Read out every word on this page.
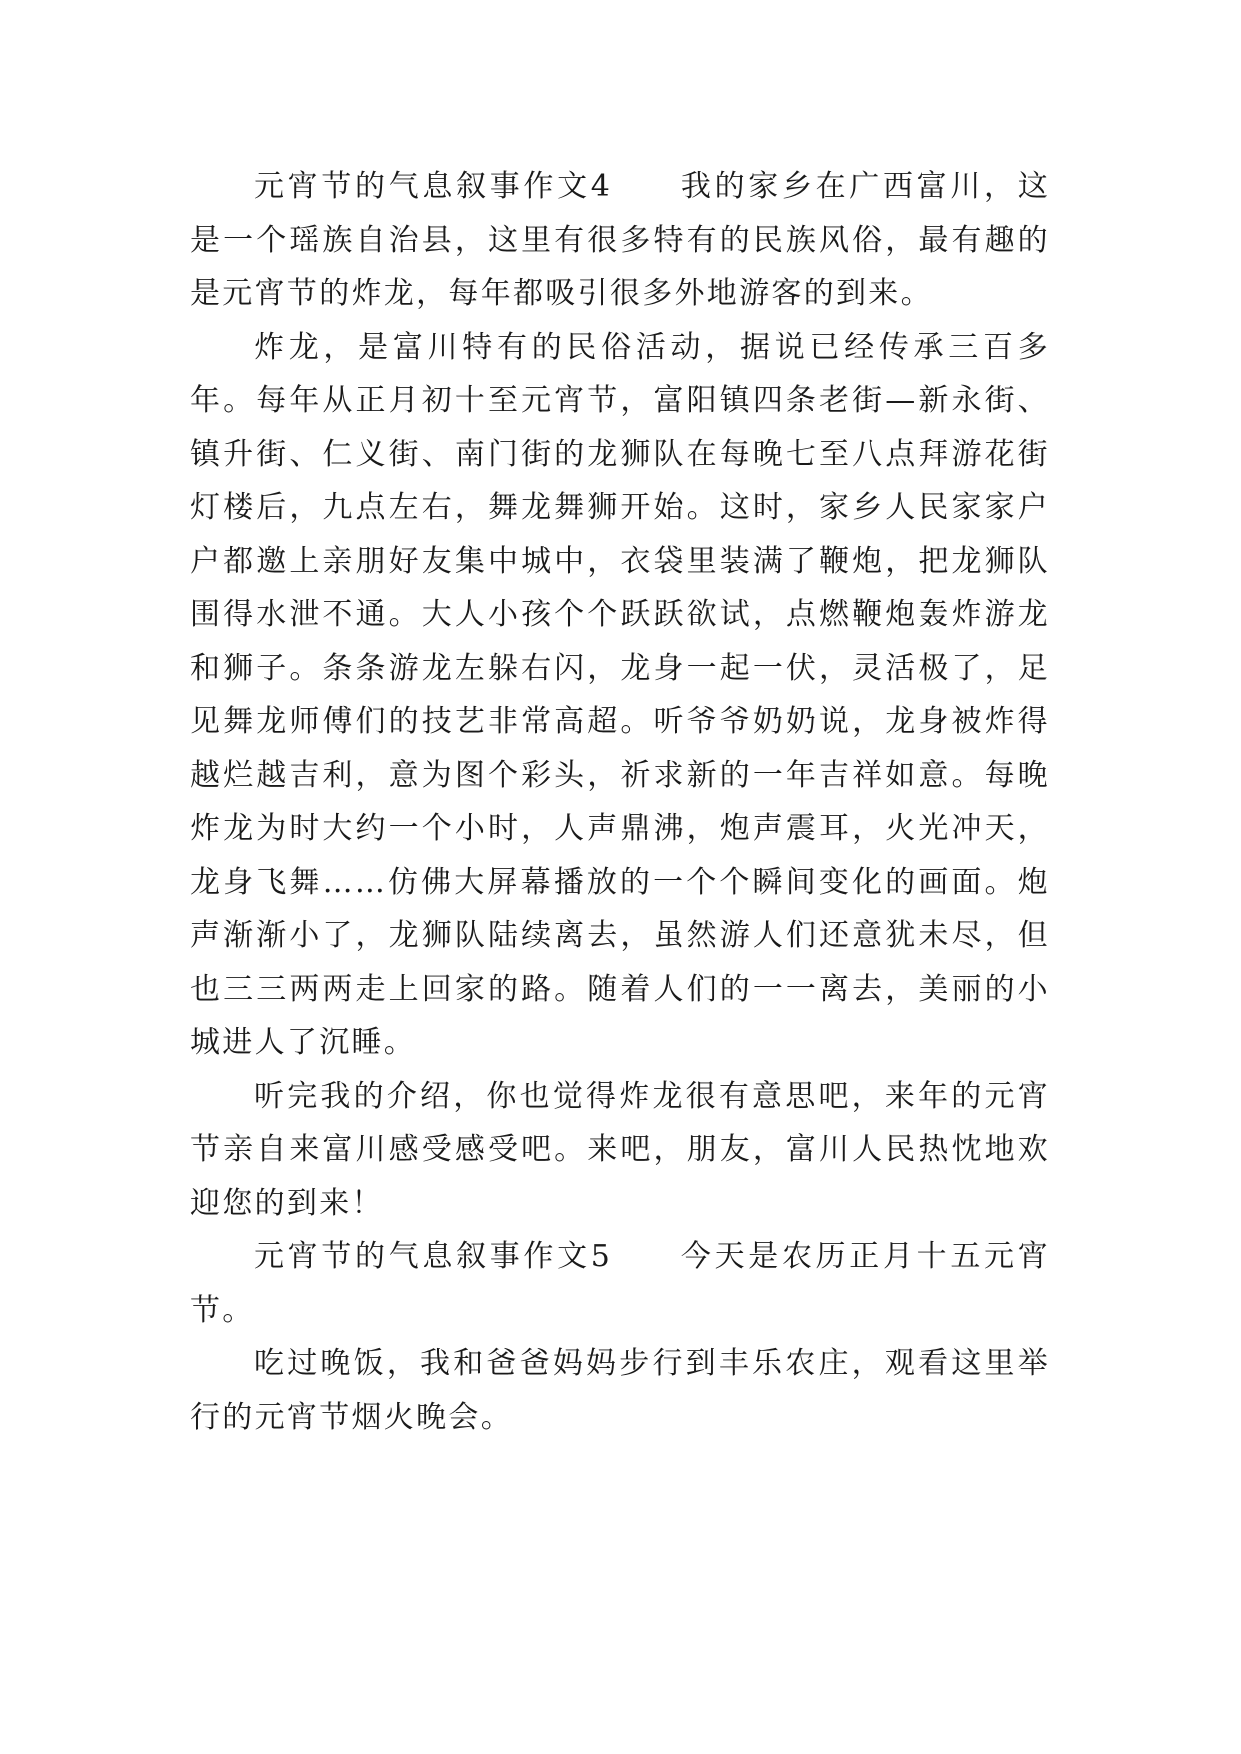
元宵节的气息叙事作文4　　我的家乡在广西富川，这是一个瑶族自治县，这里有很多特有的民族风俗，最有趣的是元宵节的炸龙，每年都吸引很多外地游客的到来。

炸龙，是富川特有的民俗活动，据说已经传承三百多年。每年从正月初十至元宵节，富阳镇四条老街—新永街、镇升街、仁义街、南门街的龙狮队在每晚七至八点拜游花街灯楼后，九点左右，舞龙舞狮开始。这时，家乡人民家家户户都邀上亲朋好友集中城中，衣袋里装满了鞭炮，把龙狮队围得水泄不通。大人小孩个个跃跃欲试，点燃鞭炮轰炸游龙和狮子。条条游龙左躲右闪，龙身一起一伏，灵活极了，足见舞龙师傅们的技艺非常高超。听爷爷奶奶说，龙身被炸得越烂越吉利，意为图个彩头，祈求新的一年吉祥如意。每晚炸龙为时大约一个小时，人声鼎沸，炮声震耳，火光冲天，龙身飞舞……仿佛大屏幕播放的一个个瞬间变化的画面。炮声渐渐小了，龙狮队陆续离去，虽然游人们还意犹未尽，但也三三两两走上回家的路。随着人们的一一离去，美丽的小城进人了沉睡。

听完我的介绍，你也觉得炸龙很有意思吧，来年的元宵节亲自来富川感受感受吧。来吧，朋友，富川人民热忱地欢迎您的到来！

元宵节的气息叙事作文5　　今天是农历正月十五元宵节。

吃过晚饭，我和爸爸妈妈步行到丰乐农庄，观看这里举行的元宵节烟火晚会。
